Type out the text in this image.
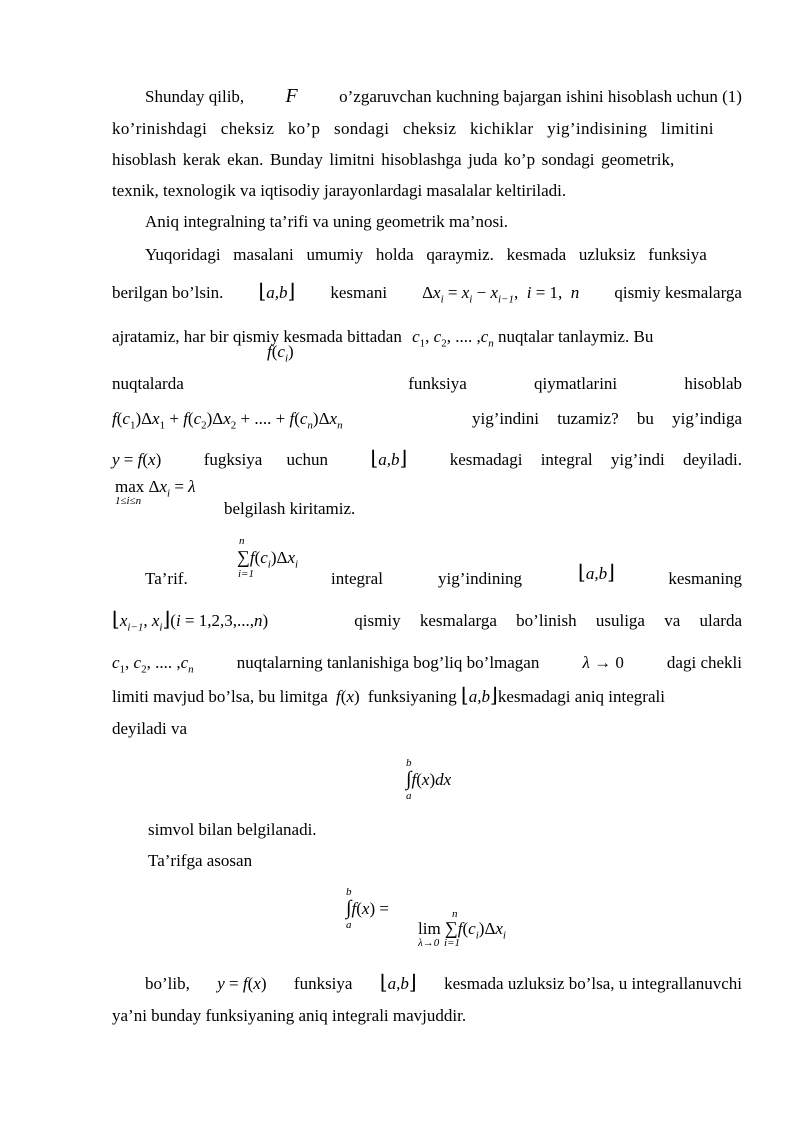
Shunday qilib, F o’zgaruvchan kuchning bajargan ishini hisoblash uchun (1)
ko’rinishdagi cheksiz ko’p sondagi cheksiz kichiklar yig’indisining limitini
hisoblash kerak ekan. Bunday limitni hisoblashga juda ko’p sondagi geometrik,
texnik, texnologik va iqtisodiy jarayonlardagi masalalar keltiriladi.
Aniq integralning ta’rifi va uning geometrik ma’nosi.
Yuqoridagi masalani umumiy holda qaraymiz. kesmada uzluksiz funksiya
berilgan bo’lsin. ⌊a,b⌋ kesmani $\Delta x_i = x_i - x_{i-1}$,  i = 1,  n qismiy kesmalarga
ajratamiz, har bir qismiy kesmada bittadan $c_1$, $c_2$, .... $,c_n$ nuqtalar tanlaymiz. Bu
$f(c_i)$
nuqtalarda	funksiya	qiymatlarini	hisoblab
$f(c_1)\Delta x_1 + f(c_2)\Delta x_2$ + .... + $f(c_n)\Delta x_n$	yig’indini tuzamiz? bu yig’indiga
y = f(x) fugksiya uchun ⌊a,b⌋ kesmadagi integral yig’indi deyiladi.
$\max \Delta x_i = \lambda$
1≤i≤n	belgilash kiritamiz.
n
$\sum f(c_i)\Delta x_i$
i=1
Ta’rif.	integral	yig’indining	⌊a,b⌋	kesmaning
$⌊x_{i-1}$, $x_i⌋(i = 1,2,3,...,n)$	qismiy kesmalarga bo’linish usuliga va ularda
$c_1$, $c_2$, .... $,c_n$	nuqtalarning tanlanishiga bog’liq bo’lmagan	λ → 0	dagi chekli
limiti mavjud bo’lsa, bu limitga f(x) funksiyaning ⌊a,b⌋kesmadagi aniq integrali
deyiladi va
b
∫f(x)dx
a
simvol bilan belgilanadi.
Ta’rifga asosan
b
∫f(x) =
a
n
$\lim \sum f(c_i)\Delta x_i$
λ→0 i=1
bo’lib, y = f(x) funksiya ⌊a,b⌋ kesmada uzluksiz bo’lsa, u integrallanuvchi
ya’ni bunday funksiyaning aniq integrali mavjuddir.
